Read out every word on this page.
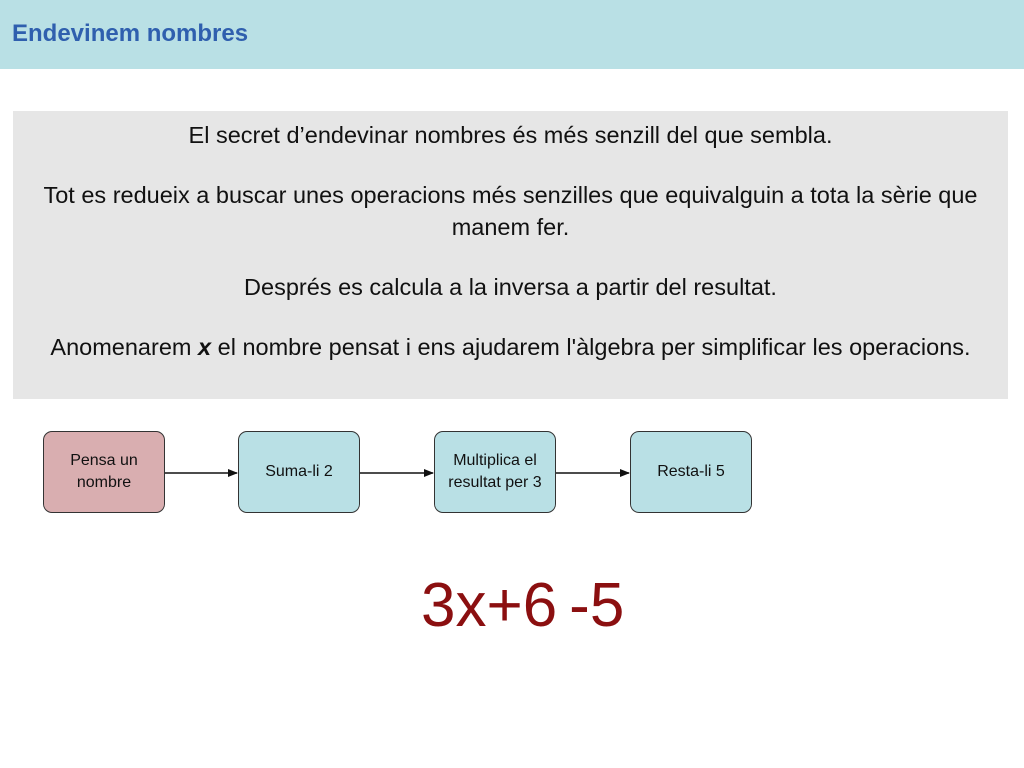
Endevinem nombres

El secret d’endevinar nombres és més senzill del que sembla.

Tot es redueix a buscar unes operacions més senzilles que equivalguin a tota la sèrie que manem fer.

Després es calcula a la inversa a partir del resultat.

Anomenarem x el nombre pensat i ens ajudarem l'àlgebra per simplificar les operacions.

Pensa un nombre
Suma-li 2
Multiplica el resultat per 3
Resta-li 5
3x+6 -5
